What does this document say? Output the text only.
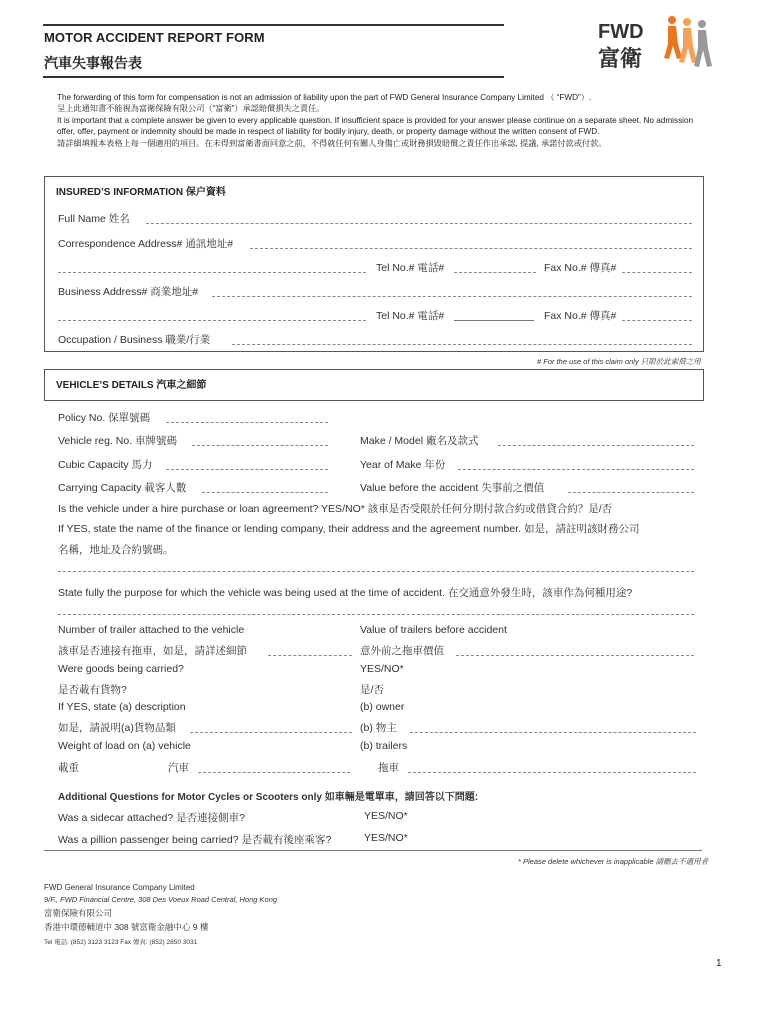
MOTOR ACCIDENT REPORT FORM
汽車失事報告表
FWD
富衛

The forwarding of this form for compensation is not an admission of liability upon the part of FWD General Insurance Company Limited （ “FWD”）.

呈上此通知書不能視為富衛保險有限公司（“富衛”）承認賠償損失之責任。

It is important that a complete answer be given to every applicable question. If insufficient space is provided for your answer please continue on a separate sheet. No admission offer, offer, payment or indemnity should be made in respect of liability for bodily injury, death, or property damage without the written consent of FWD.

請詳細填報本表格上每一個適用的項目。在未得到富衛書面同意之前，不得就任何有關人身傷亡或財務損毀賠償之責任作出承認, 提議, 承諾付款或付款。

INSURED’S INFORMATION 保户資料
Full Name 姓名
Correspondence Address# 通訊地址#
Tel No.# 電話#	Fax No.# 傳真#
Business Address# 商業地址#
Tel No.# 電話#	Fax No.# 傳真#
Occupation / Business 職業/行業
# For the use of this claim only 只限於此索償之用
VEHICLE’S DETAILS 汽車之細節
Policy No. 保單號碼
Vehicle reg. No. 車牌號碼	Make / Model 廠名及款式
Cubic Capacity 馬力	Year of Make 年份
Carrying Capacity 載客人數	Value before the accident 失事前之價值
Is the vehicle under a hire purchase or loan agreement? YES/NO* 該車是否受限於任何分期付款合約或借貸合約？是/否
If YES, state the name of the finance or lending company, their address and the agreement number. 如是，請註明該財務公司
名稱，地址及合約號碼。
State fully the purpose for which the vehicle was being used at the time of accident. 在交通意外發生時，該車作為何種用途?
Number of trailer attached to the vehicle	Value of trailers before accident
該車是否連接有拖車，如是，請詳述細節	意外前之拖車價值
Were goods being carried?	YES/NO*
是否載有貨物?	是/否
If YES, state (a) description	(b) owner
如是，請説明(a)貨物品類	(b) 物主
Weight of load on (a) vehicle	(b) trailers
載重	汽車	拖車
Additional Questions for Motor Cycles or Scooters only 如車輛是電單車，請回答以下問題:
Was a sidecar attached? 是否連接側車?	YES/NO*
Was a pillion passenger being carried? 是否載有後座乘客?	YES/NO*
* Please delete whichever is inapplicable 請刪去不適用者
FWD General Insurance Company Limited
9/F., FWD Financial Centre, 308 Des Voeux Road Central, Hong Kong
富衛保險有限公司
香港中環德輔道中 308 號富衛金融中心 9 樓
Tel 電話: (852) 3123 3123 Fax 傳真: (852) 2850 3031
1
